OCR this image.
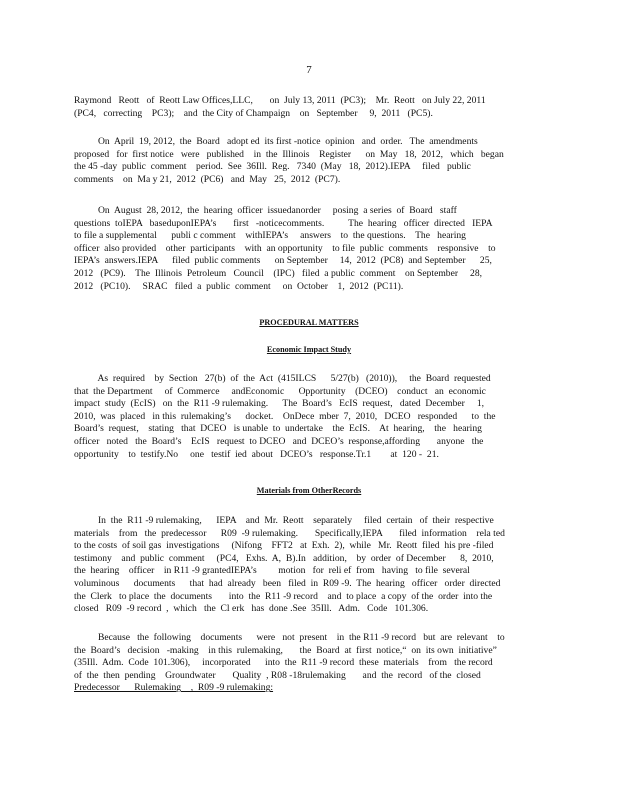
7

Raymond   Reott   of  Reott Law Offices,LLC,       on  July 13, 2011  (PC3);    Mr.  Reott   on July 22, 2011
(PC4,   correcting    PC3);    and  the City of Champaign    on   September     9,  2011   (PC5).

On  April  19, 2012,  the  Board   adopt ed  its first -notice  opinion   and  order.   The  amendments
proposed   for  first notice   were   published    in  the  Illinois    Register      on  May   18,  2012,   which   began
the 45 -day  public  comment    period.  See  36Ill.  Reg.   7340  (May   18,  2012).IEPA     filed   public
comments    on  Ma y 21,  2012  (PC6)   and  May   25,  2012  (PC7).

On  August  28, 2012,  the  hearing  officer  issuedanorder     posing  a series  of  Board   staff
questions  toIEPA   baseduponIEPA’s       first   -noticecomments.          The  hearing   officer  directed   IEPA
to file a supplemental      publi c comment    withIEPA’s     answers    to  the questions.    The   hearing
officer  also provided    other  participants    with  an opportunity    to file  public  comments    responsive    to
IEPA’s  answers.IEPA      filed  public comments      on September     14,  2012  (PC8)  and September      25,
2012   (PC9).    The  Illinois  Petroleum   Council    (IPC)   filed  a public  comment    on September     28,
2012   (PC10).     SRAC   filed  a  public  comment     on  October    1,  2012  (PC11).

PROCEDURAL MATTERS
Economic Impact Study

As  required    by  Section   27(b)  of  the  Act  (415ILCS      5/27(b)   (2010)),     the  Board  requested
that  the Department     of  Commerce     andEconomic      Opportunity    (DCEO)    conduct   an  economic
impact  study  (EcIS)   on  the  R11 -9 rulemaking.      The  Board’s   EcIS  request,   dated  December     1,
2010,  was  placed   in this  rulemaking’s      docket.    OnDece  mber  7,  2010,   DCEO   responded      to  the
Board’s  request,    stating   that  DCEO   is unable  to  undertake    the  EcIS.    At  hearing,    the   hearing
officer   noted   the  Board’s    EcIS   request  to DCEO   and  DCEO’s  response,affording       anyone   the
opportunity    to  testify.No     one   testif  ied  about   DCEO’s   response.Tr.1        at  120 -  21.

Materials from OtherRecords

In  the  R11 -9 rulemaking,      IEPA    and  Mr.  Reott    separately     filed  certain   of  their  respective
materials    from   the  predecessor      R09  -9 rulemaking.       Specifically,IEPA       filed  information    rela ted
to the costs  of soil gas  investigations     (Nifong    FFT2   at  Exh.  2),  while   Mr.  Reott  filed  his pre -filed
testimony    and  public  comment     (PC4,   Exhs.  A,  B).In   addition,    by  order  of December      8,  2010,
the  hearing    officer    in R11 -9 grantedIEPA’s         motion   for  reli ef  from   having   to file  several
voluminous      documents      that  had  already   been   filed  in  R09 -9.  The  hearing   officer   order  directed
the  Clerk   to place  the  documents       into  the  R11 -9 record    and  to place  a copy  of the  order  into the
closed   R09  -9 record  ,  which   the  Cl erk   has  done .See  35Ill.   Adm.   Code   101.306.

Because   the  following    documents      were   not  present    in  the R11 -9 record   but  are  relevant    to
the  Board’s   decision   -making    in this  rulemaking,       the  Board  at  first  notice,“  on  its own  initiative”
(35Ill.  Adm.  Code  101.306),     incorporated      into  the  R11 -9 record  these  materials    from   the record
of  the  then  pending    Groundwater       Quality  , R08 -18rulemaking       and  the  record   of the  closed
Predecessor      Rulemaking    ,  R09 -9 rulemaking:
